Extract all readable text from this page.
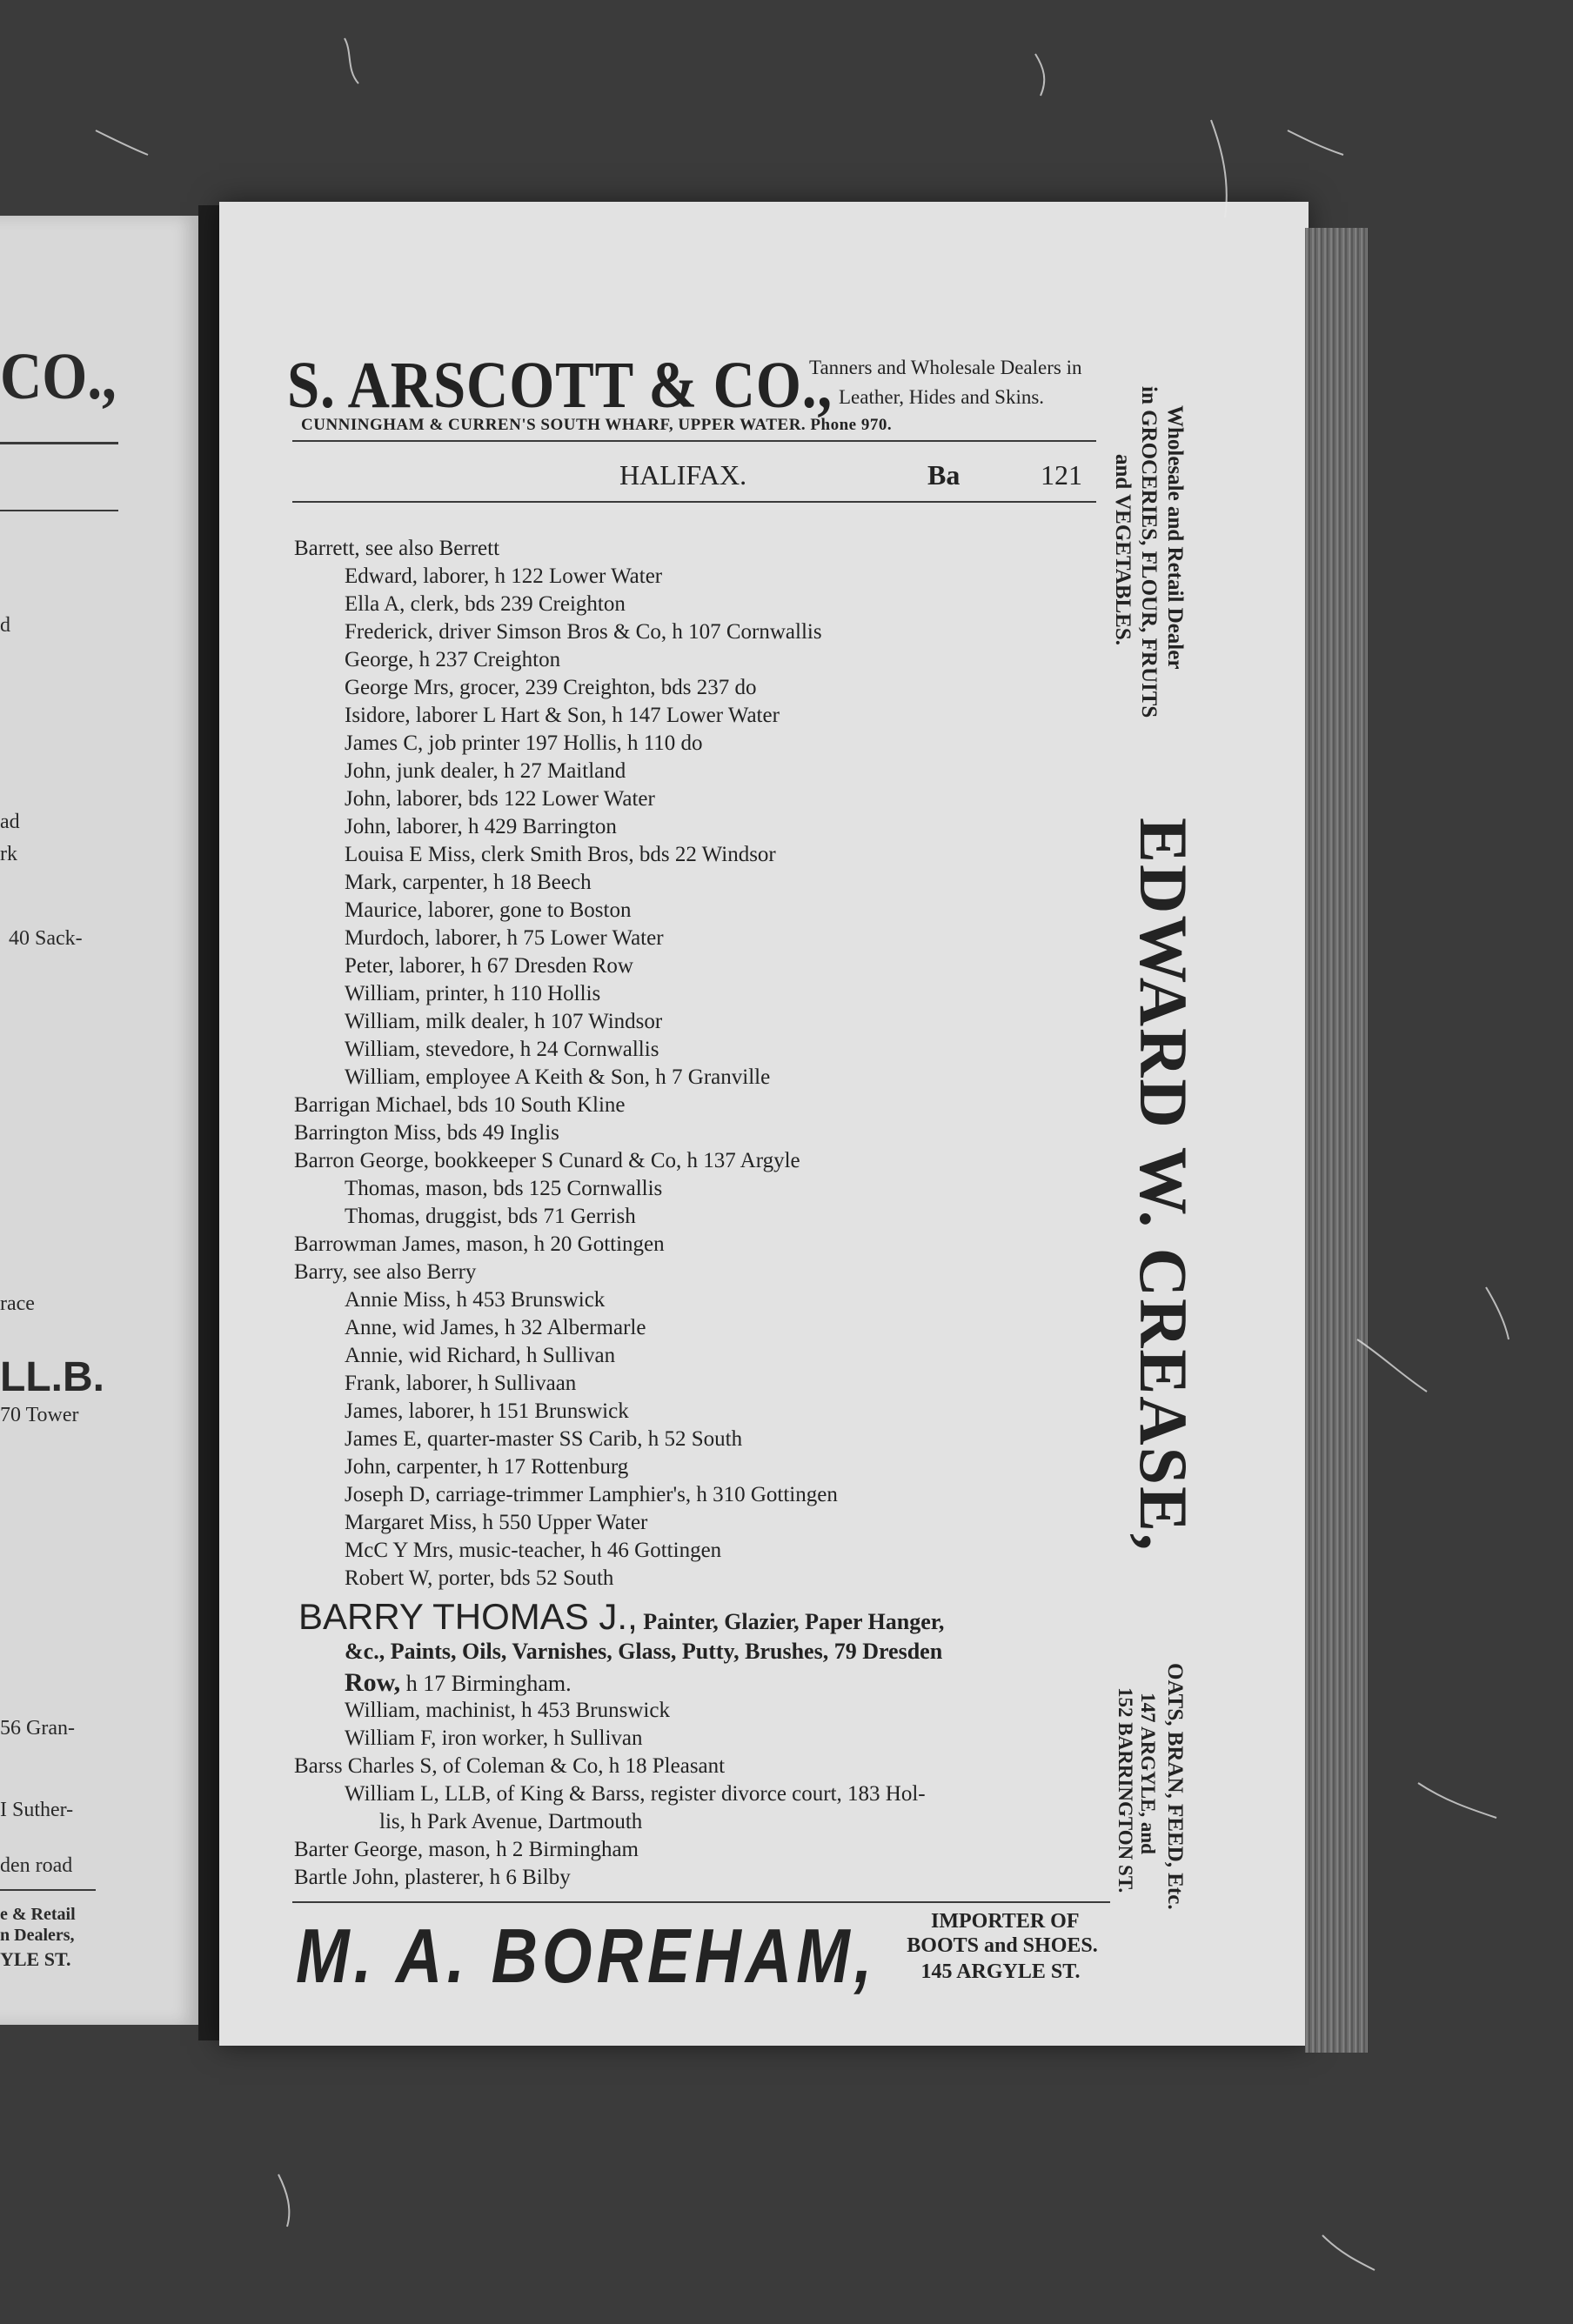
CO.,
d
ad
rk
40 Sack-
race
LL.B.
70 Tower
56 Gran-
I Suther-
den road
e & Retail
n Dealers,
YLE ST.
S. ARSCOTT & CO.,
Tanners and Wholesale Dealers in
Leather, Hides and Skins.
CUNNINGHAM & CURREN'S SOUTH WHARF, UPPER WATER. Phone 970.
HALIFAX.	Ba	121
Barrett, see also Berrett
Edward, laborer, h 122 Lower Water
Ella A, clerk, bds 239 Creighton
Frederick, driver Simson Bros & Co, h 107 Cornwallis
George, h 237 Creighton
George Mrs, grocer, 239 Creighton, bds 237 do
Isidore, laborer L Hart & Son, h 147 Lower Water
James C, job printer 197 Hollis, h 110 do
John, junk dealer, h 27 Maitland
John, laborer, bds 122 Lower Water
John, laborer, h 429 Barrington
Louisa E Miss, clerk Smith Bros, bds 22 Windsor
Mark, carpenter, h 18 Beech
Maurice, laborer, gone to Boston
Murdoch, laborer, h 75 Lower Water
Peter, laborer, h 67 Dresden Row
William, printer, h 110 Hollis
William, milk dealer, h 107 Windsor
William, stevedore, h 24 Cornwallis
William, employee A Keith & Son, h 7 Granville
Barrigan Michael, bds 10 South Kline
Barrington Miss, bds 49 Inglis
Barron George, bookkeeper S Cunard & Co, h 137 Argyle
Thomas, mason, bds 125 Cornwallis
Thomas, druggist, bds 71 Gerrish
Barrowman James, mason, h 20 Gottingen
Barry, see also Berry
Annie Miss, h 453 Brunswick
Anne, wid James, h 32 Albermarle
Annie, wid Richard, h Sullivan
Frank, laborer, h Sullivaan
James, laborer, h 151 Brunswick
James E, quarter-master SS Carib, h 52 South
John, carpenter, h 17 Rottenburg
Joseph D, carriage-trimmer Lamphier's, h 310 Gottingen
Margaret Miss, h 550 Upper Water
McC Y Mrs, music-teacher, h 46 Gottingen
Robert W, porter, bds 52 South
BARRY THOMAS J., Painter, Glazier, Paper Hanger,
&c., Paints, Oils, Varnishes, Glass, Putty, Brushes, 79 Dresden
Row, h 17 Birmingham.
William, machinist, h 453 Brunswick
William F, iron worker, h Sullivan
Barss Charles S, of Coleman & Co, h 18 Pleasant
William L, LLB, of King & Barss, register divorce court, 183 Hol-
lis, h Park Avenue, Dartmouth
Barter George, mason, h 2 Birmingham
Bartle John, plasterer, h 6 Bilby
Wholesale and Retail Dealer
in GROCERIES, FLOUR, FRUITS
and VEGETABLES.
EDWARD W. CREASE,
OATS, BRAN, FEED, Etc.
147 ARGYLE, and
152 BARRINGTON ST.
M. A. BOREHAM,	IMPORTER OF
BOOTS and SHOES.
145 ARGYLE ST.
